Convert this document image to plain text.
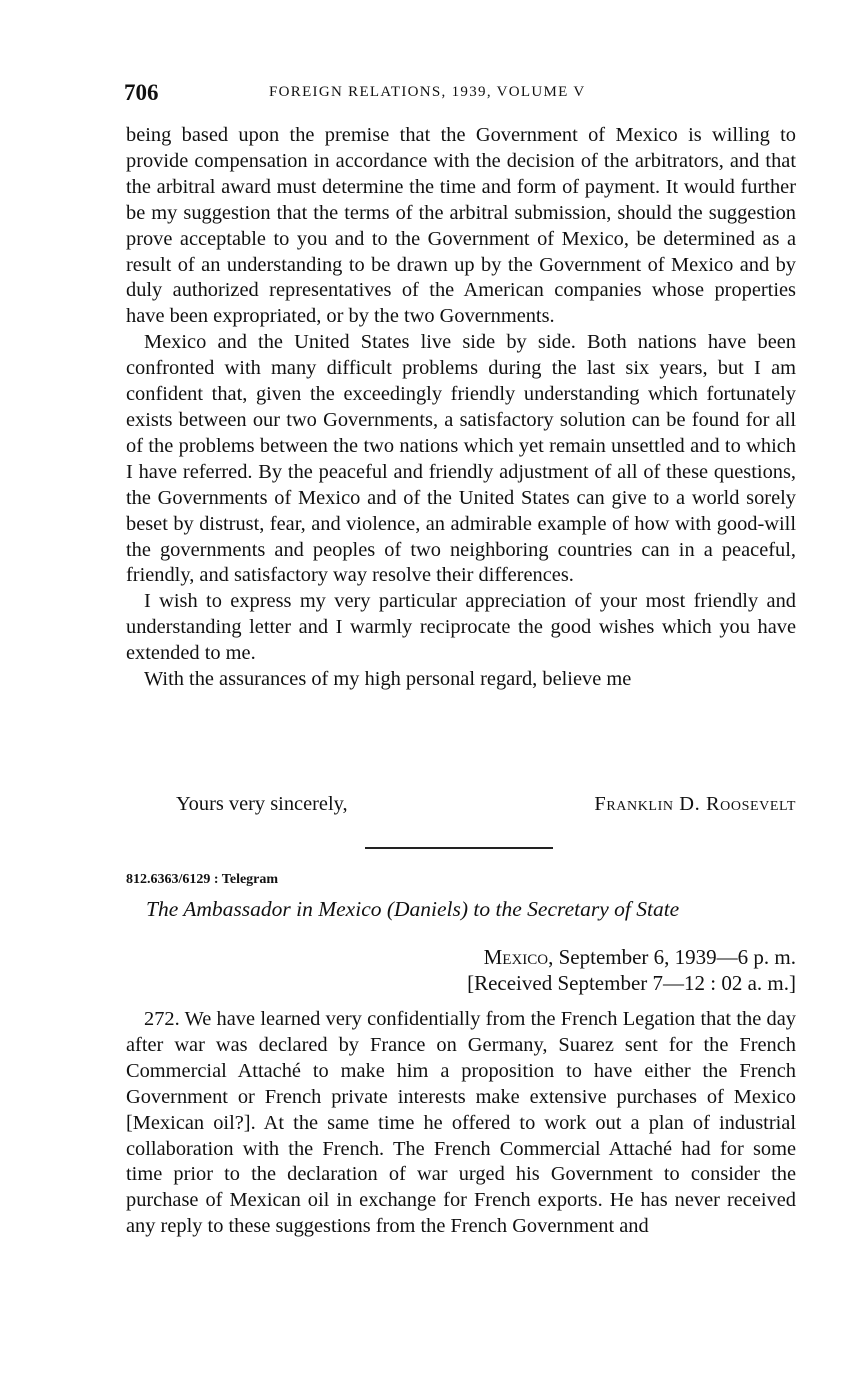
706	FOREIGN RELATIONS, 1939, VOLUME V

being based upon the premise that the Government of Mexico is willing to provide compensation in accordance with the decision of the arbitrators, and that the arbitral award must determine the time and form of payment. It would further be my suggestion that the terms of the arbitral submission, should the suggestion prove acceptable to you and to the Government of Mexico, be determined as a result of an understanding to be drawn up by the Government of Mexico and by duly authorized representatives of the American companies whose properties have been expropriated, or by the two Governments.

Mexico and the United States live side by side. Both nations have been confronted with many difficult problems during the last six years, but I am confident that, given the exceedingly friendly understanding which fortunately exists between our two Governments, a satisfactory solution can be found for all of the problems between the two nations which yet remain unsettled and to which I have referred. By the peaceful and friendly adjustment of all of these questions, the Governments of Mexico and of the United States can give to a world sorely beset by distrust, fear, and violence, an admirable example of how with good-will the governments and peoples of two neighboring countries can in a peaceful, friendly, and satisfactory way resolve their differences.

I wish to express my very particular appreciation of your most friendly and understanding letter and I warmly reciprocate the good wishes which you have extended to me.

With the assurances of my high personal regard, believe me

Yours very sincerely,	Franklin D. Roosevelt
812.6363/6129 : Telegram
The Ambassador in Mexico (Daniels) to the Secretary of State
Mexico, September 6, 1939—6 p. m.
[Received September 7—12 : 02 a. m.]

272. We have learned very confidentially from the French Legation that the day after war was declared by France on Germany, Suarez sent for the French Commercial Attaché to make him a proposition to have either the French Government or French private interests make extensive purchases of Mexico [Mexican oil?]. At the same time he offered to work out a plan of industrial collaboration with the French. The French Commercial Attaché had for some time prior to the declaration of war urged his Government to consider the purchase of Mexican oil in exchange for French exports. He has never received any reply to these suggestions from the French Government and
